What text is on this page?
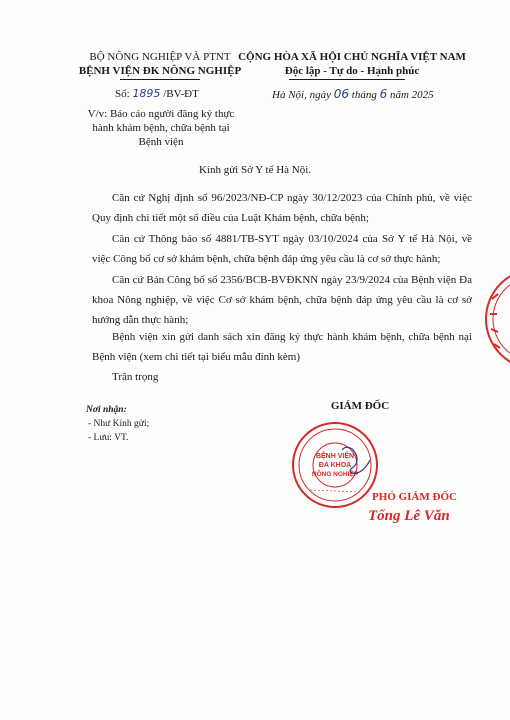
BỘ NÔNG NGHIỆP VÀ PTNT
BỆNH VIỆN ĐK NÔNG NGHIỆP
CỘNG HÒA XÃ HỘI CHỦ NGHĨA VIỆT NAM
Độc lập - Tự do - Hạnh phúc
Số: 1895 /BV-ĐT	Hà Nội, ngày 06 tháng 6 năm 2025
V/v: Báo cáo người đăng ký thực hành khám bệnh, chữa bệnh tại Bệnh viện
Kính gửi Sở Y tế Hà Nội.
Căn cứ Nghị định số 96/2023/NĐ-CP ngày 30/12/2023 của Chính phủ, về việc Quy định chi tiết một số điều của Luật Khám bệnh, chữa bệnh;
Căn cứ Thông báo số 4881/TB-SYT ngày 03/10/2024 của Sở Y tế Hà Nội, về việc Công bố cơ sở khám bệnh, chữa bệnh đáp ứng yêu cầu là cơ sở thực hành;
Căn cứ Bản Công bố số 2356/BCB-BVĐKNN ngày 23/9/2024 của Bệnh viện Đa khoa Nông nghiệp, về việc Cơ sở khám bệnh, chữa bệnh đáp ứng yêu cầu là cơ sở hướng dẫn thực hành;
Bệnh viện xin gửi danh sách xin đăng ký thực hành khám bệnh, chữa bệnh nại Bệnh viện (xem chi tiết tại biểu mẫu đính kèm)
Trân trọng
Nơi nhận:
- Như Kính gửi;
- Lưu: VT.
GIÁM ĐỐC
BỆNH VIỆN
ĐA KHOA
NÔNG NGHIỆP
PHÓ GIÁM ĐỐC
Tống Lê Văn
